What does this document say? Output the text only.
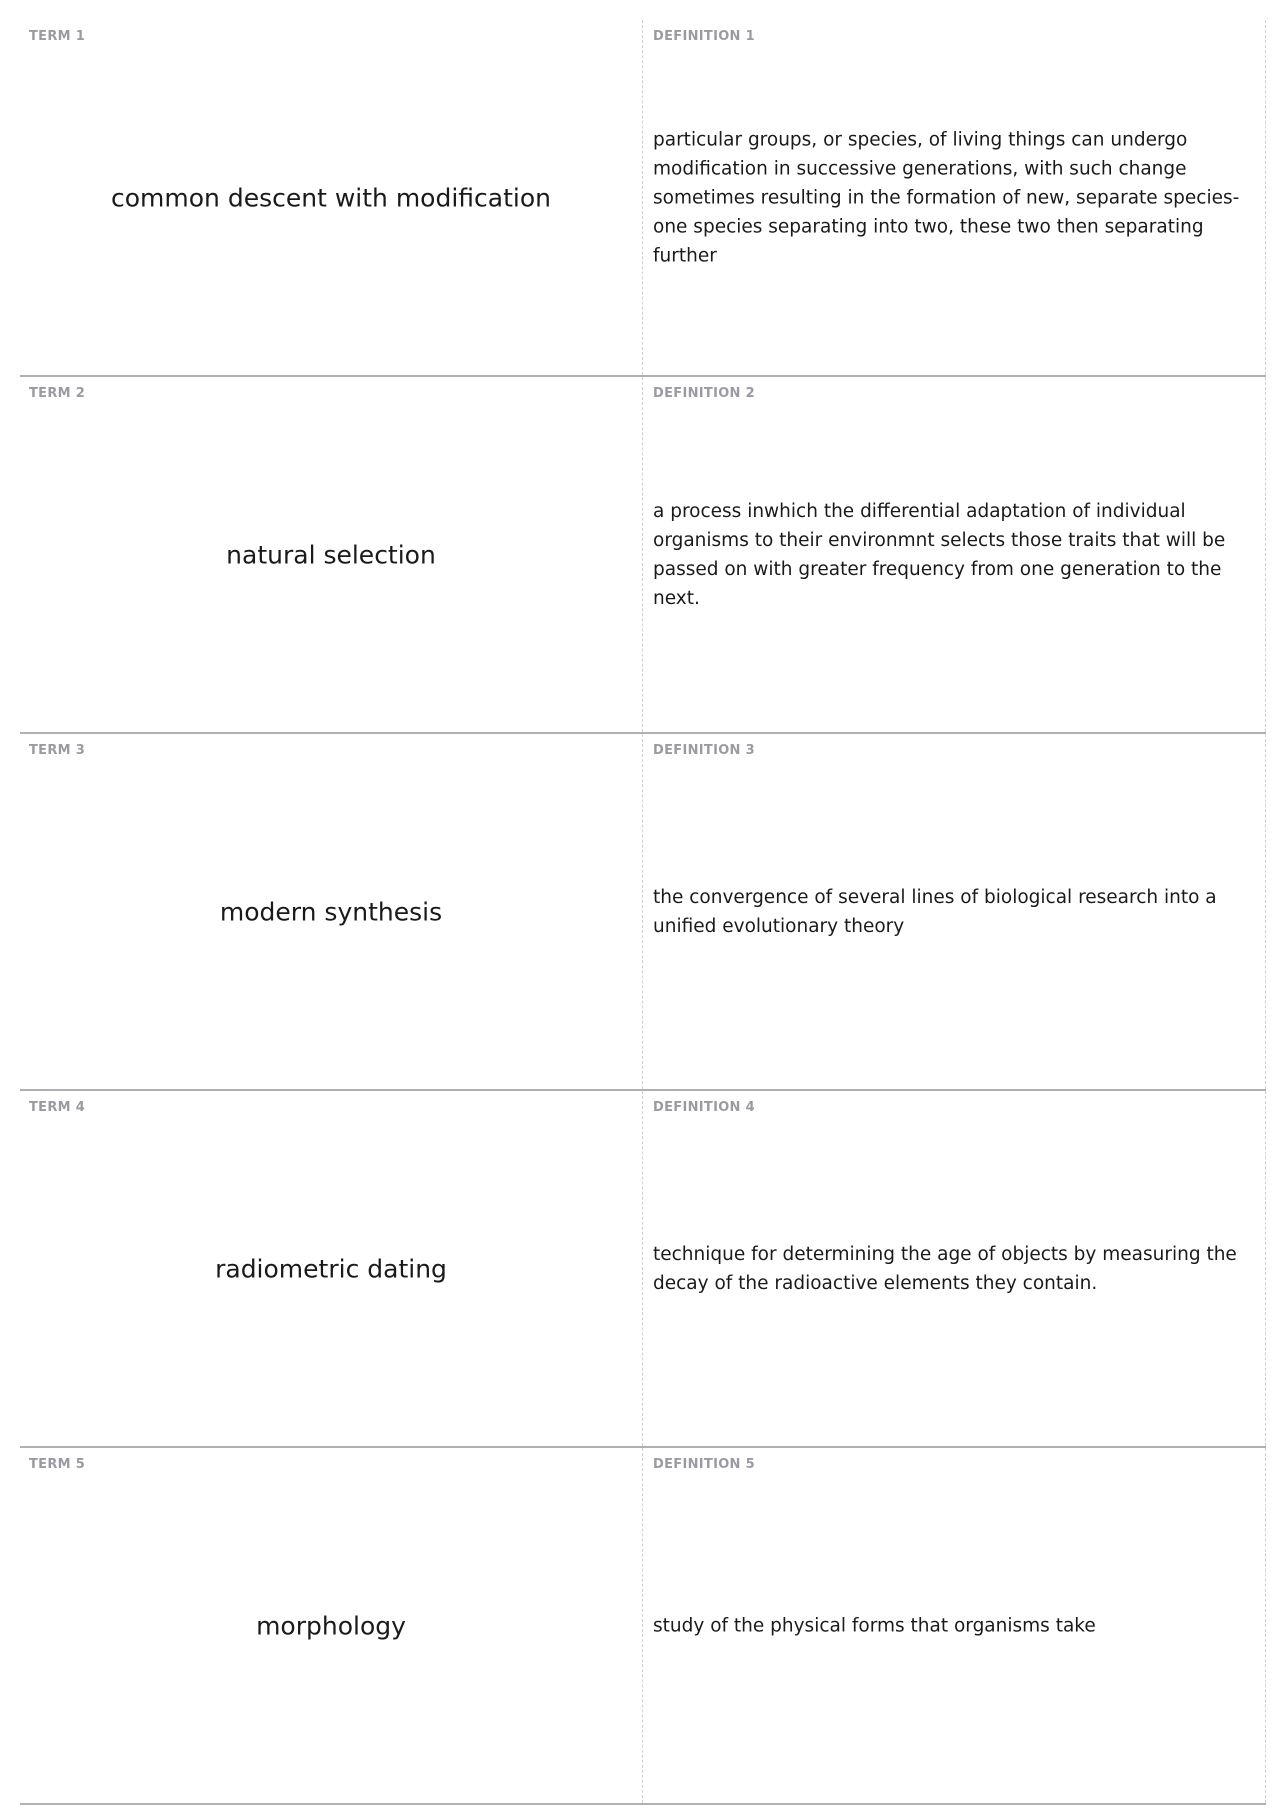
TERM 1
common descent with modification
DEFINITION 1
particular groups, or species, of living things can undergo modification in successive generations, with such change sometimes resulting in the formation of new, separate species-one species separating into two, these two then separating further
TERM 2
natural selection
DEFINITION 2
a process inwhich the differential adaptation of individual organisms to their environmnt selects those traits that will be passed on with greater frequency from one generation to the next.
TERM 3
modern synthesis
DEFINITION 3
the convergence of several lines of biological research into a unified evolutionary theory
TERM 4
radiometric dating
DEFINITION 4
technique for determining the age of objects by measuring the decay of the radioactive elements they contain.
TERM 5
morphology
DEFINITION 5
study of the physical forms that organisms take
